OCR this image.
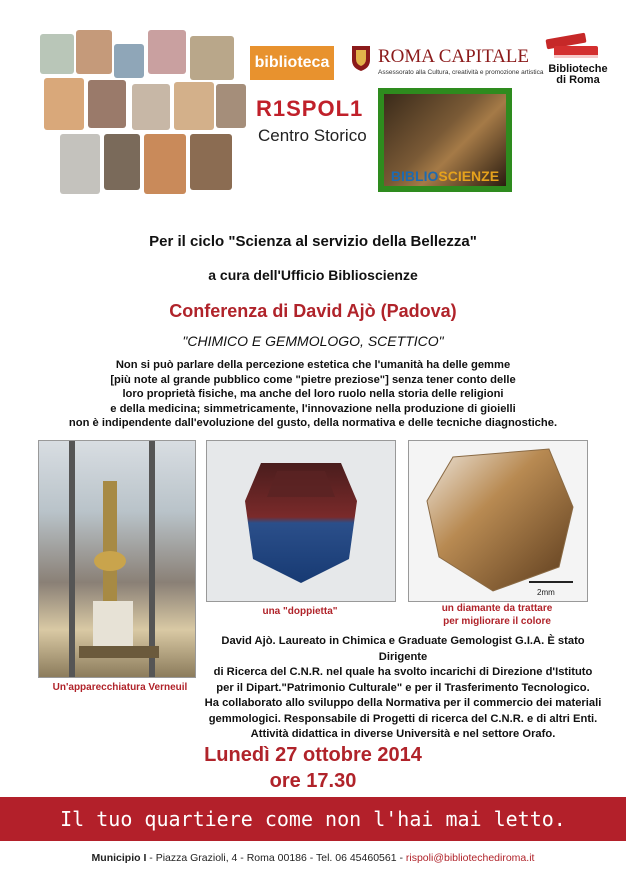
biblioteca
R1SPOL1
Centro Storico
ROMA CAPITALE
Assessorato alla Cultura, creatività e promozione artistica Biblioteche
di Roma
BIBLIOSCIENZE
Per il ciclo "Scienza al servizio della Bellezza"
a cura dell'Ufficio Biblioscienze
Conferenza di David Ajò (Padova)
"CHIMICO E GEMMOLOGO, SCETTICO"
Non si può parlare della percezione estetica che l'umanità ha delle gemme
[più note al grande pubblico come "pietre preziose"] senza tener conto delle
loro proprietà fisiche, ma anche del loro ruolo nella storia delle religioni
e della medicina; simmetricamente, l'innovazione nella produzione di gioielli
non è indipendente dall'evoluzione del gusto, della normativa e delle tecniche diagnostiche.
2mm
Un'apparecchiatura Verneuil
una "doppietta"	un diamante da trattare
per migliorare il colore
David Ajò. Laureato in Chimica e Graduate Gemologist G.I.A. È stato Dirigente
di Ricerca del C.N.R. nel quale ha svolto incarichi di Direzione d'Istituto
per il Dipart."Patrimonio Culturale" e per il Trasferimento Tecnologico.
Ha collaborato allo sviluppo della Normativa per il commercio dei materiali
gemmologici. Responsabile di Progetti di ricerca del C.N.R. e di altri Enti.
Attività didattica in diverse Università e nel settore Orafo.
Lunedì 27 ottobre 2014
ore 17.30
Il tuo quartiere come non l'hai mai letto.
Municipio I - Piazza Grazioli, 4 - Roma 00186 - Tel. 06 45460561 - rispoli@bibliotechediroma.it
